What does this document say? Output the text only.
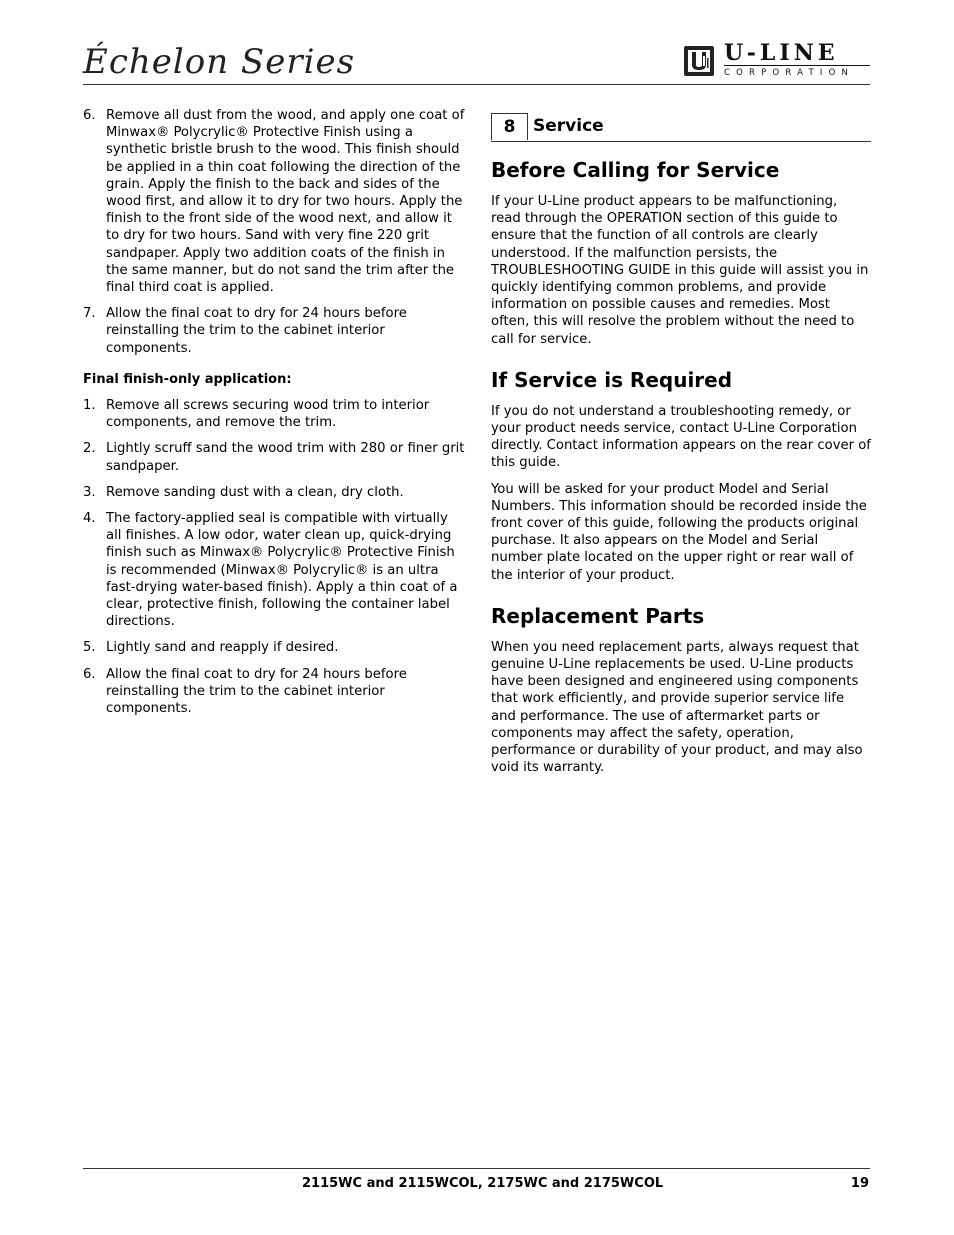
Échelon Series	U-LINE
CORPORATION
6. Remove all dust from the wood, and apply one coat of Minwax® Polycrylic® Protective Finish using a synthetic bristle brush to the wood. This finish should be applied in a thin coat following the direction of the grain. Apply the finish to the back and sides of the wood first, and allow it to dry for two hours. Apply the finish to the front side of the wood next, and allow it to dry for two hours. Sand with very fine 220 grit sandpaper. Apply two addition coats of the finish in the same manner, but do not sand the trim after the final third coat is applied.
7. Allow the final coat to dry for 24 hours before reinstalling the trim to the cabinet interior components.
Final finish-only application:
1. Remove all screws securing wood trim to interior components, and remove the trim.
2. Lightly scruff sand the wood trim with 280 or finer grit sandpaper.
3. Remove sanding dust with a clean, dry cloth.
4. The factory-applied seal is compatible with virtually all finishes. A low odor, water clean up, quick-drying finish such as Minwax® Polycrylic® Protective Finish is recommended (Minwax® Polycrylic® is an ultra fast-drying water-based finish). Apply a thin coat of a clear, protective finish, following the container label directions.
5. Lightly sand and reapply if desired.
6. Allow the final coat to dry for 24 hours before reinstalling the trim to the cabinet interior components.
8	Service
Before Calling for Service

If your U-Line product appears to be malfunctioning, read through the OPERATION section of this guide to ensure that the function of all controls are clearly understood. If the malfunction persists, the TROUBLESHOOTING GUIDE in this guide will assist you in quickly identifying common problems, and provide information on possible causes and remedies. Most often, this will resolve the problem without the need to call for service.

If Service is Required

If you do not understand a troubleshooting remedy, or your product needs service, contact U-Line Corporation directly. Contact information appears on the rear cover of this guide.

You will be asked for your product Model and Serial Numbers. This information should be recorded inside the front cover of this guide, following the products original purchase. It also appears on the Model and Serial number plate located on the upper right or rear wall of the interior of your product.

Replacement Parts

When you need replacement parts, always request that genuine U-Line replacements be used. U-Line products have been designed and engineered using components that work efficiently, and provide superior service life and performance. The use of aftermarket parts or components may affect the safety, operation, performance or durability of your product, and may also void its warranty.

2115WC and 2115WCOL, 2175WC and 2175WCOL	19
